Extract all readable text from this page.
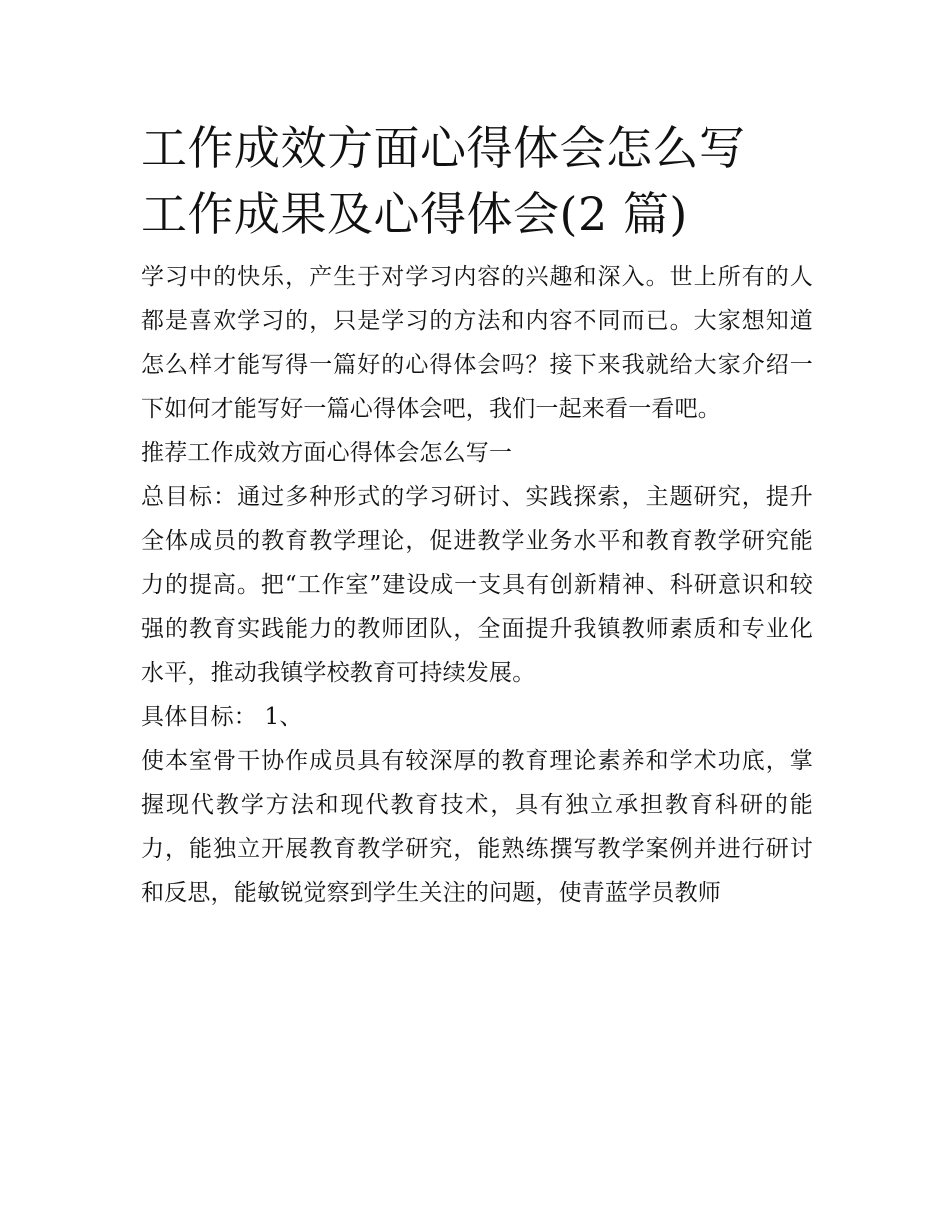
工作成效方面心得体会怎么写
工作成果及心得体会(2 篇)

学习中的快乐，产生于对学习内容的兴趣和深入。世上所有的人都是喜欢学习的，只是学习的方法和内容不同而已。大家想知道怎么样才能写得一篇好的心得体会吗？接下来我就给大家介绍一下如何才能写好一篇心得体会吧，我们一起来看一看吧。

推荐工作成效方面心得体会怎么写一

总目标：通过多种形式的学习研讨、实践探索，主题研究，提升全体成员的教育教学理论，促进教学业务水平和教育教学研究能力的提高。把“工作室”建设成一支具有创新精神、科研意识和较强的教育实践能力的教师团队，全面提升我镇教师素质和专业化水平，推动我镇学校教育可持续发展。

具体目标： 1、

使本室骨干协作成员具有较深厚的教育理论素养和学术功底，掌握现代教学方法和现代教育技术，具有独立承担教育科研的能力，能独立开展教育教学研究，能熟练撰写教学案例并进行研讨和反思，能敏锐觉察到学生关注的问题，使青蓝学员教师
